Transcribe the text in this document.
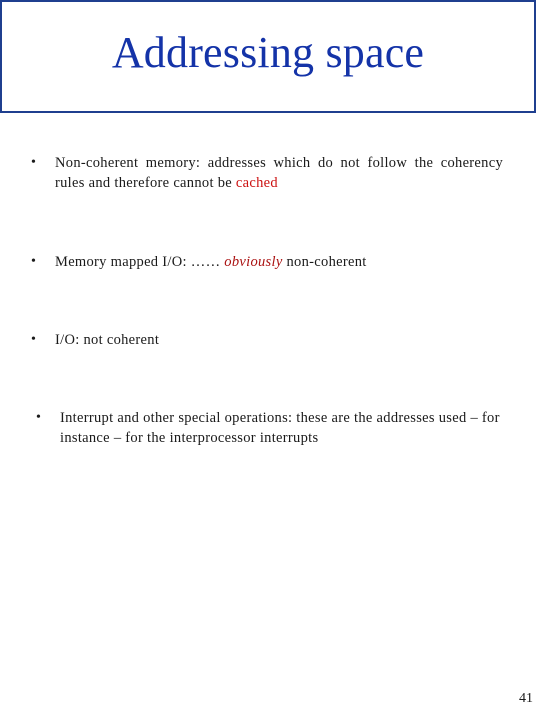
Addressing space
•	Non-coherent memory: addresses which do not follow the coherency rules and therefore cannot be cached
•	Memory mapped I/O: …… obviously non-coherent
•	I/O: not coherent
•	Interrupt and other special operations: these are the addresses used – for instance – for the interprocessor interrupts
41
